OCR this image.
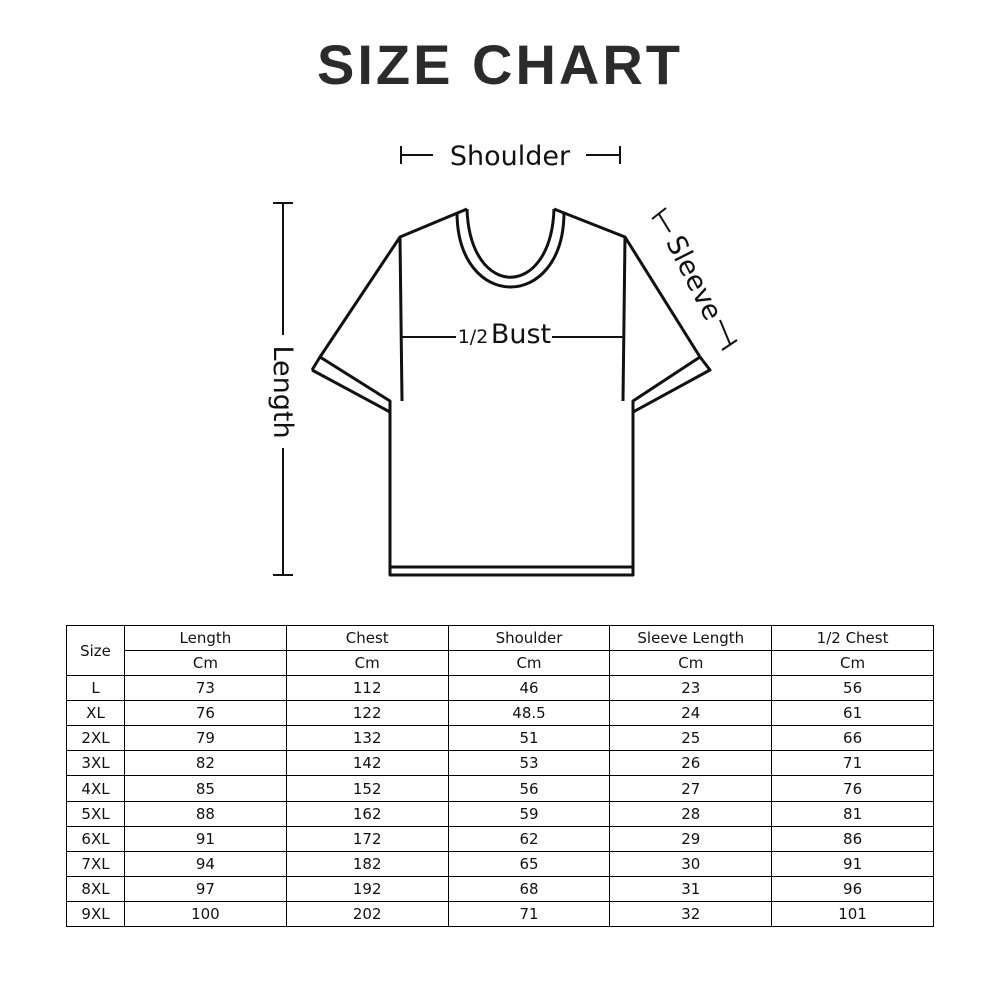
SIZE CHART
Shoulder
Length
Sleeve
1/2 Bust
Size	Length	Chest	Shoulder	Sleeve Length	1/2 Chest
	Cm	Cm	Cm	Cm	Cm
L	73	112	46	23	56
XL	76	122	48.5	24	61
2XL	79	132	51	25	66
3XL	82	142	53	26	71
4XL	85	152	56	27	76
5XL	88	162	59	28	81
6XL	91	172	62	29	86
7XL	94	182	65	30	91
8XL	97	192	68	31	96
9XL	100	202	71	32	101
